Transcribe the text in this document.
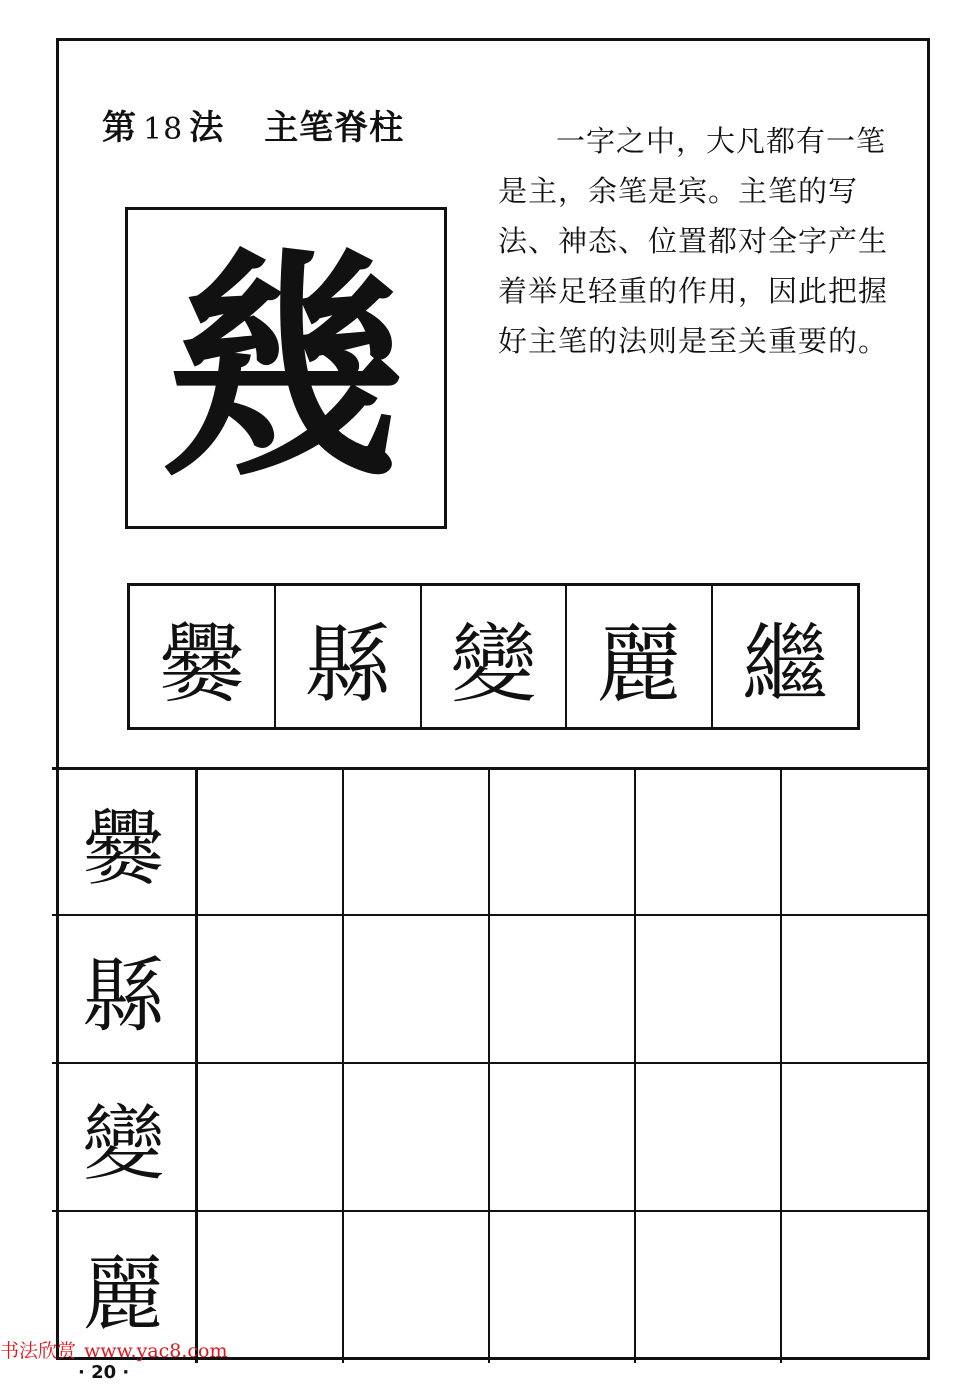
第 18 法 主笔脊柱	一字之中，大凡都有一笔是主，余笔是宾。主笔的写法、神态、位置都对全字产生着举足轻重的作用，因此把握好主笔的法则是至关重要的。
幾
爨 縣 變 麗 繼
爨
縣
變
麗
书法欣赏 www.yac8.com
· 20 ·
